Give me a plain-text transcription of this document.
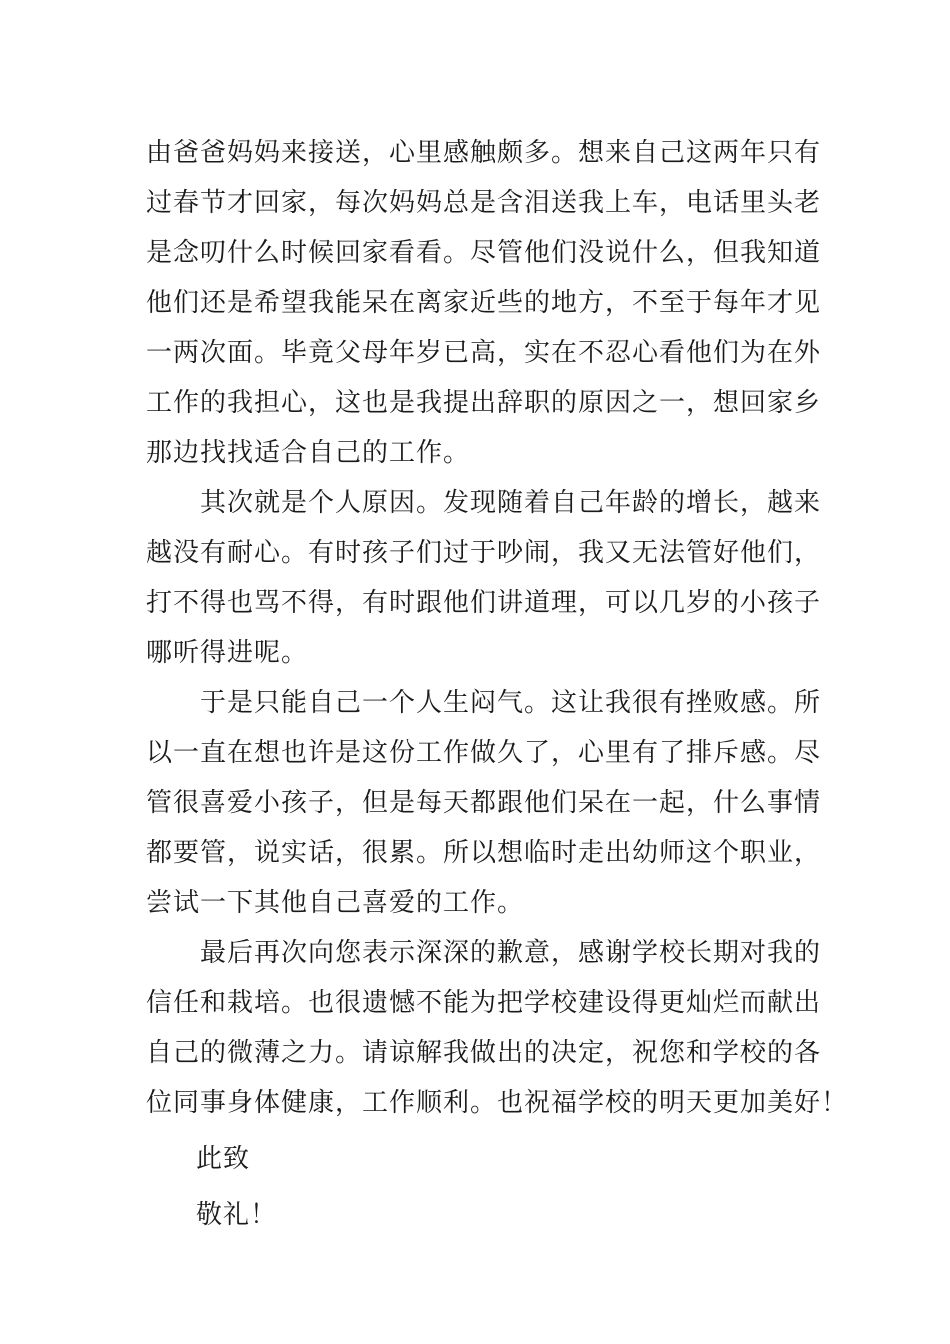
由爸爸妈妈来接送，心里感触颇多。想来自己这两年只有
过春节才回家，每次妈妈总是含泪送我上车，电话里头老
是念叨什么时候回家看看。尽管他们没说什么，但我知道
他们还是希望我能呆在离家近些的地方，不至于每年才见
一两次面。毕竟父母年岁已高，实在不忍心看他们为在外
工作的我担心，这也是我提出辞职的原因之一，想回家乡
那边找找适合自己的工作。

　　其次就是个人原因。发现随着自己年龄的增长，越来
越没有耐心。有时孩子们过于吵闹，我又无法管好他们，
打不得也骂不得，有时跟他们讲道理，可以几岁的小孩子
哪听得进呢。

　　于是只能自己一个人生闷气。这让我很有挫败感。所
以一直在想也许是这份工作做久了，心里有了排斥感。尽
管很喜爱小孩子，但是每天都跟他们呆在一起，什么事情
都要管，说实话，很累。所以想临时走出幼师这个职业，
尝试一下其他自己喜爱的工作。

　　最后再次向您表示深深的歉意，感谢学校长期对我的
信任和栽培。也很遗憾不能为把学校建设得更灿烂而献出
自己的微薄之力。请谅解我做出的决定，祝您和学校的各
位同事身体健康，工作顺利。也祝福学校的明天更加美好！

此致
敬礼！
